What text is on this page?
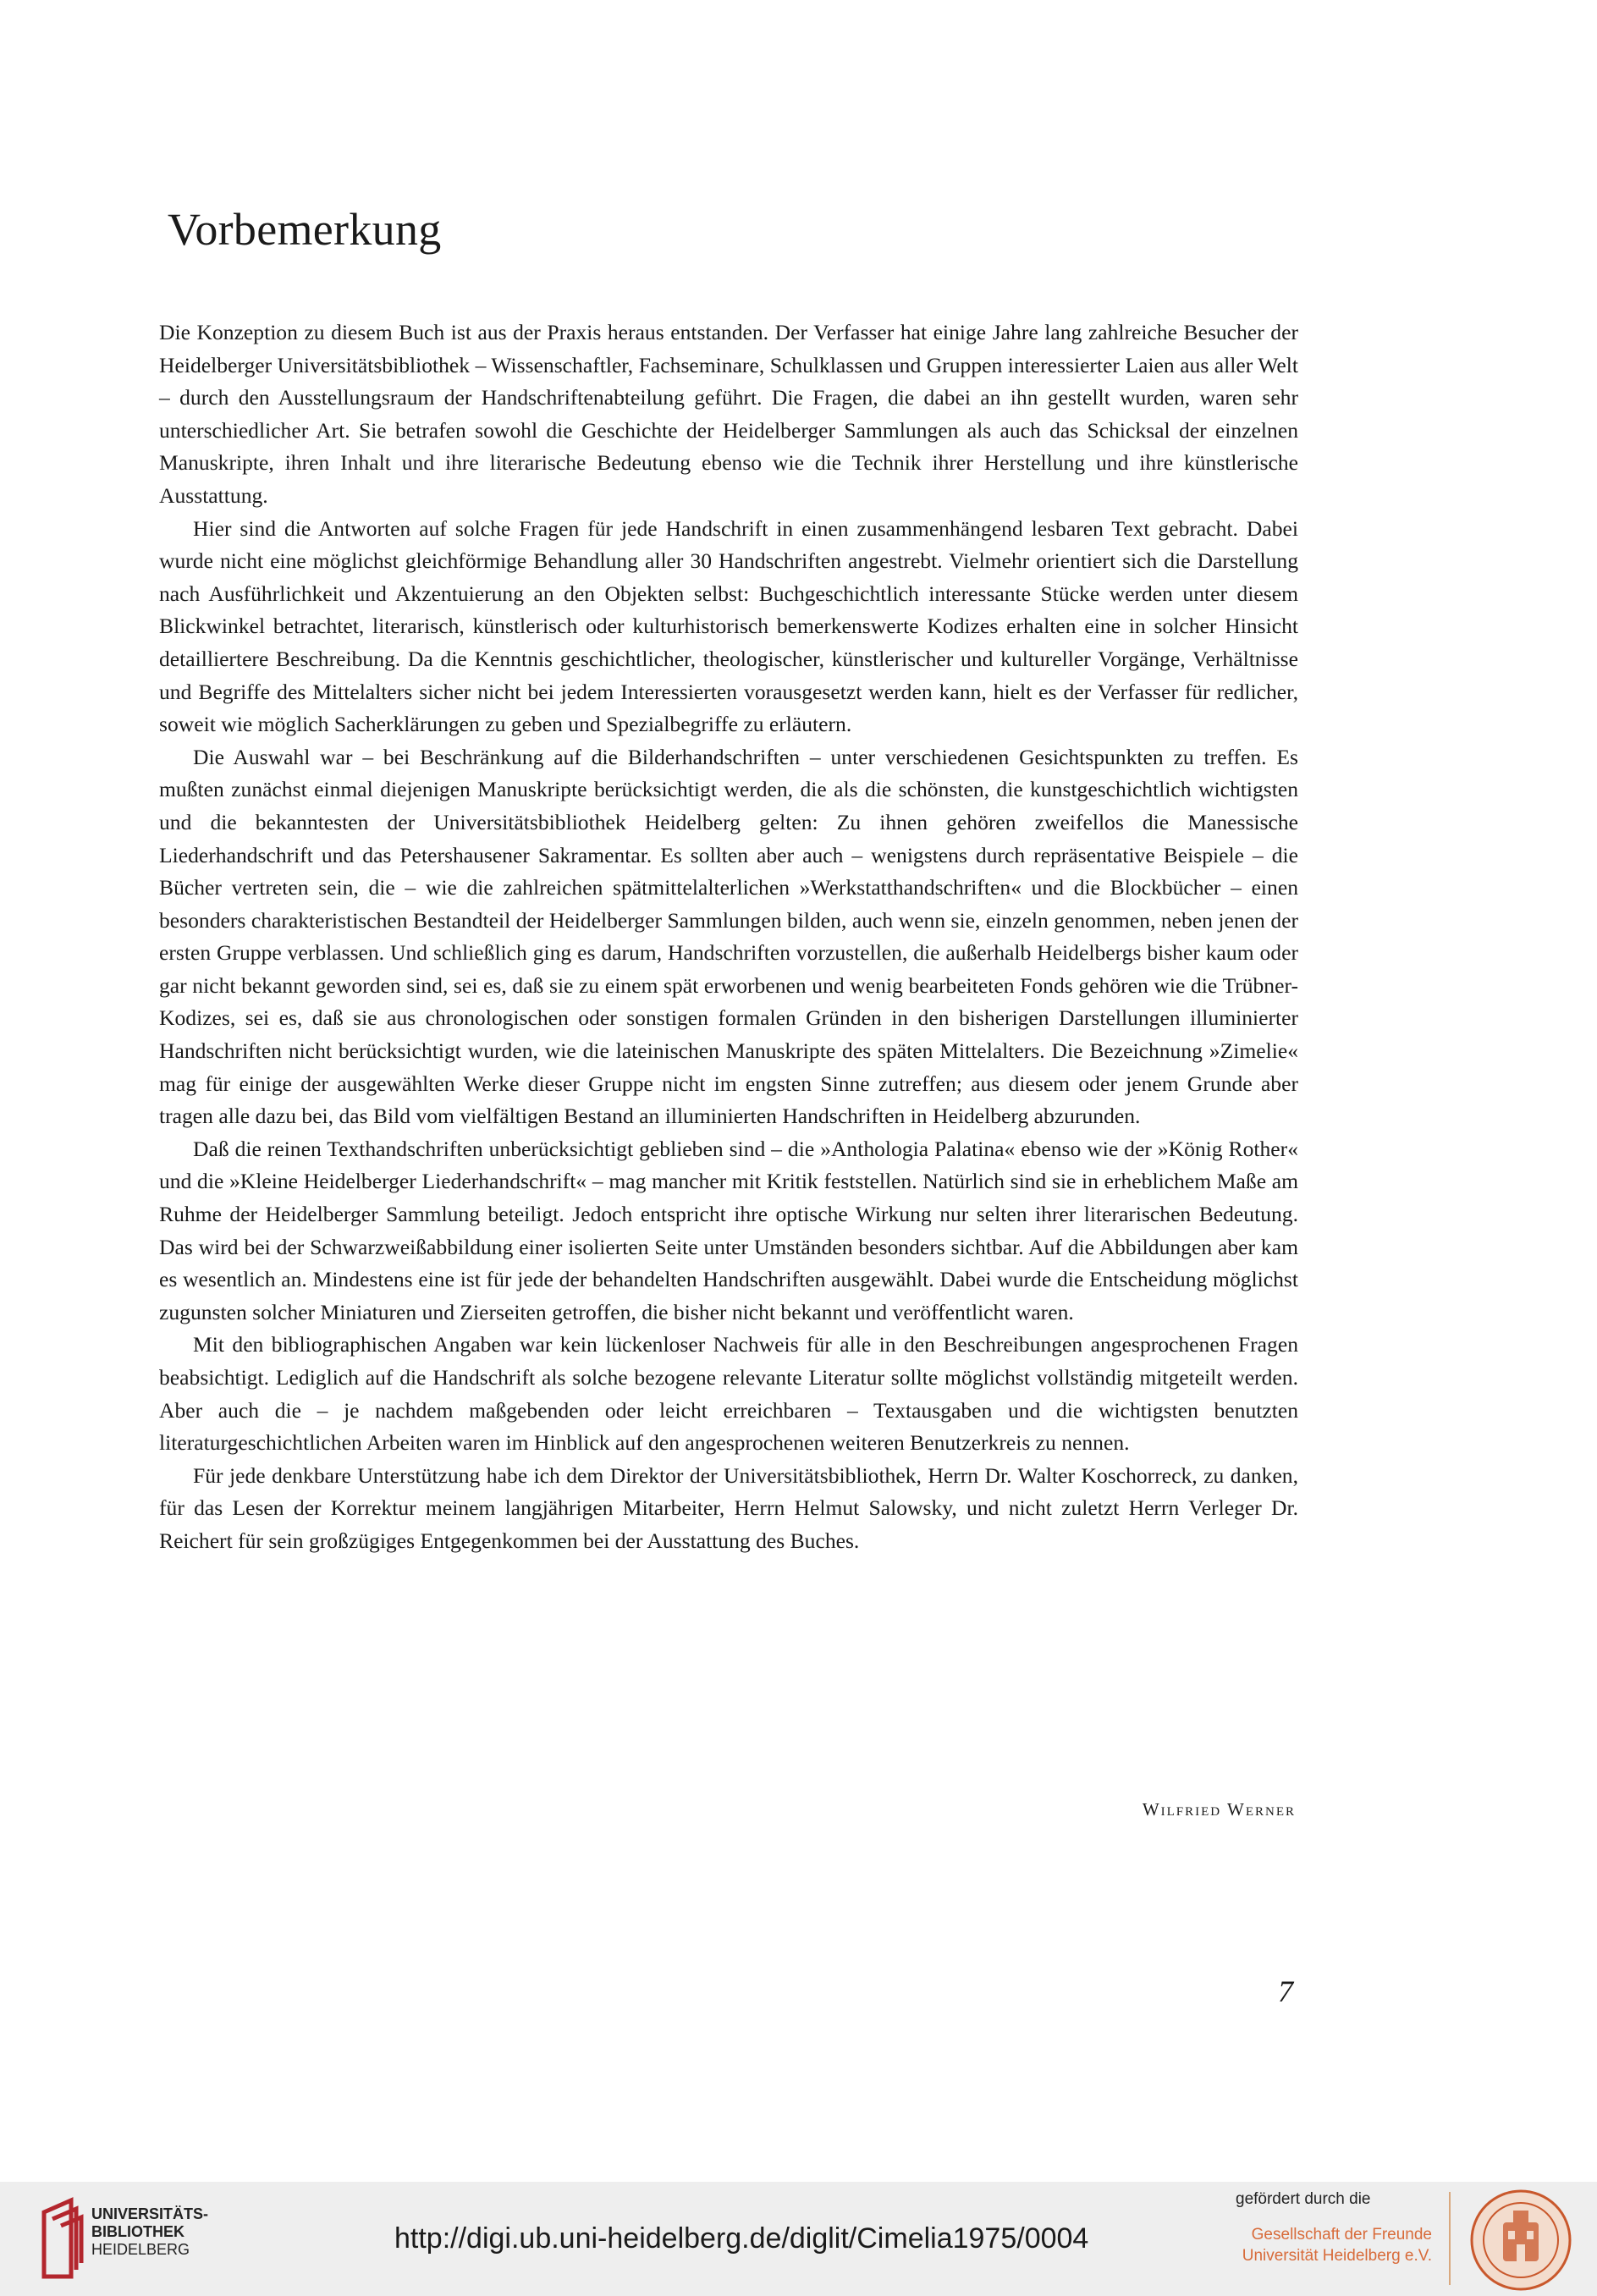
Vorbemerkung

Die Konzeption zu diesem Buch ist aus der Praxis heraus entstanden. Der Verfasser hat einige Jahre lang zahlreiche Besucher der Heidelberger Universitätsbibliothek – Wissenschaftler, Fachseminare, Schulklassen und Gruppen interessierter Laien aus aller Welt – durch den Ausstellungsraum der Handschriftenabteilung geführt. Die Fragen, die dabei an ihn gestellt wurden, waren sehr unterschiedlicher Art. Sie betrafen sowohl die Geschichte der Heidelberger Sammlungen als auch das Schicksal der einzelnen Manuskripte, ihren Inhalt und ihre literarische Bedeutung ebenso wie die Technik ihrer Herstellung und ihre künstlerische Ausstattung.

Hier sind die Antworten auf solche Fragen für jede Handschrift in einen zusammenhängend lesbaren Text gebracht. Dabei wurde nicht eine möglichst gleichförmige Behandlung aller 30 Handschriften angestrebt. Vielmehr orientiert sich die Darstellung nach Ausführlichkeit und Akzentuierung an den Objekten selbst: Buchgeschichtlich interessante Stücke werden unter diesem Blickwinkel betrachtet, literarisch, künstlerisch oder kulturhistorisch bemerkenswerte Kodizes erhalten eine in solcher Hinsicht detailliertere Beschreibung. Da die Kenntnis geschichtlicher, theologischer, künstlerischer und kultureller Vorgänge, Verhältnisse und Begriffe des Mittelalters sicher nicht bei jedem Interessierten vorausgesetzt werden kann, hielt es der Verfasser für redlicher, soweit wie möglich Sacherklärungen zu geben und Spezialbegriffe zu erläutern.

Die Auswahl war – bei Beschränkung auf die Bilderhandschriften – unter verschiedenen Gesichtspunkten zu treffen. Es mußten zunächst einmal diejenigen Manuskripte berücksichtigt werden, die als die schönsten, die kunstgeschichtlich wichtigsten und die bekanntesten der Universitätsbibliothek Heidelberg gelten: Zu ihnen gehören zweifellos die Manessische Liederhandschrift und das Petershausener Sakramentar. Es sollten aber auch – wenigstens durch repräsentative Beispiele – die Bücher vertreten sein, die – wie die zahlreichen spätmittelalterlichen »Werkstatthandschriften« und die Blockbücher – einen besonders charakteristischen Bestandteil der Heidelberger Sammlungen bilden, auch wenn sie, einzeln genommen, neben jenen der ersten Gruppe verblassen. Und schließlich ging es darum, Handschriften vorzustellen, die außerhalb Heidelbergs bisher kaum oder gar nicht bekannt geworden sind, sei es, daß sie zu einem spät erworbenen und wenig bearbeiteten Fonds gehören wie die Trübner-Kodizes, sei es, daß sie aus chronologischen oder sonstigen formalen Gründen in den bisherigen Darstellungen illuminierter Handschriften nicht berücksichtigt wurden, wie die lateinischen Manuskripte des späten Mittelalters. Die Bezeichnung »Zimelie« mag für einige der ausgewählten Werke dieser Gruppe nicht im engsten Sinne zutreffen; aus diesem oder jenem Grunde aber tragen alle dazu bei, das Bild vom vielfältigen Bestand an illuminierten Handschriften in Heidelberg abzurunden.

Daß die reinen Texthandschriften unberücksichtigt geblieben sind – die »Anthologia Palatina« ebenso wie der »König Rother« und die »Kleine Heidelberger Liederhandschrift« – mag mancher mit Kritik feststellen. Natürlich sind sie in erheblichem Maße am Ruhme der Heidelberger Sammlung beteiligt. Jedoch entspricht ihre optische Wirkung nur selten ihrer literarischen Bedeutung. Das wird bei der Schwarzweißabbildung einer isolierten Seite unter Umständen besonders sichtbar. Auf die Abbildungen aber kam es wesentlich an. Mindestens eine ist für jede der behandelten Handschriften ausgewählt. Dabei wurde die Entscheidung möglichst zugunsten solcher Miniaturen und Zierseiten getroffen, die bisher nicht bekannt und veröffentlicht waren.

Mit den bibliographischen Angaben war kein lückenloser Nachweis für alle in den Beschreibungen angesprochenen Fragen beabsichtigt. Lediglich auf die Handschrift als solche bezogene relevante Literatur sollte möglichst vollständig mitgeteilt werden. Aber auch die – je nachdem maßgebenden oder leicht erreichbaren – Textausgaben und die wichtigsten benutzten literaturgeschichtlichen Arbeiten waren im Hinblick auf den angesprochenen weiteren Benutzerkreis zu nennen.

Für jede denkbare Unterstützung habe ich dem Direktor der Universitätsbibliothek, Herrn Dr. Walter Koschorreck, zu danken, für das Lesen der Korrektur meinem langjährigen Mitarbeiter, Herrn Helmut Salowsky, und nicht zuletzt Herrn Verleger Dr. Reichert für sein großzügiges Entgegenkommen bei der Ausstattung des Buches.

Wilfried Werner
7
UNIVERSITÄTS-
BIBLIOTHEK
HEIDELBERG	http://digi.ub.uni-heidelberg.de/diglit/Cimelia1975/0004
gefördert durch die
Gesellschaft der Freunde
Universität Heidelberg e.V.
